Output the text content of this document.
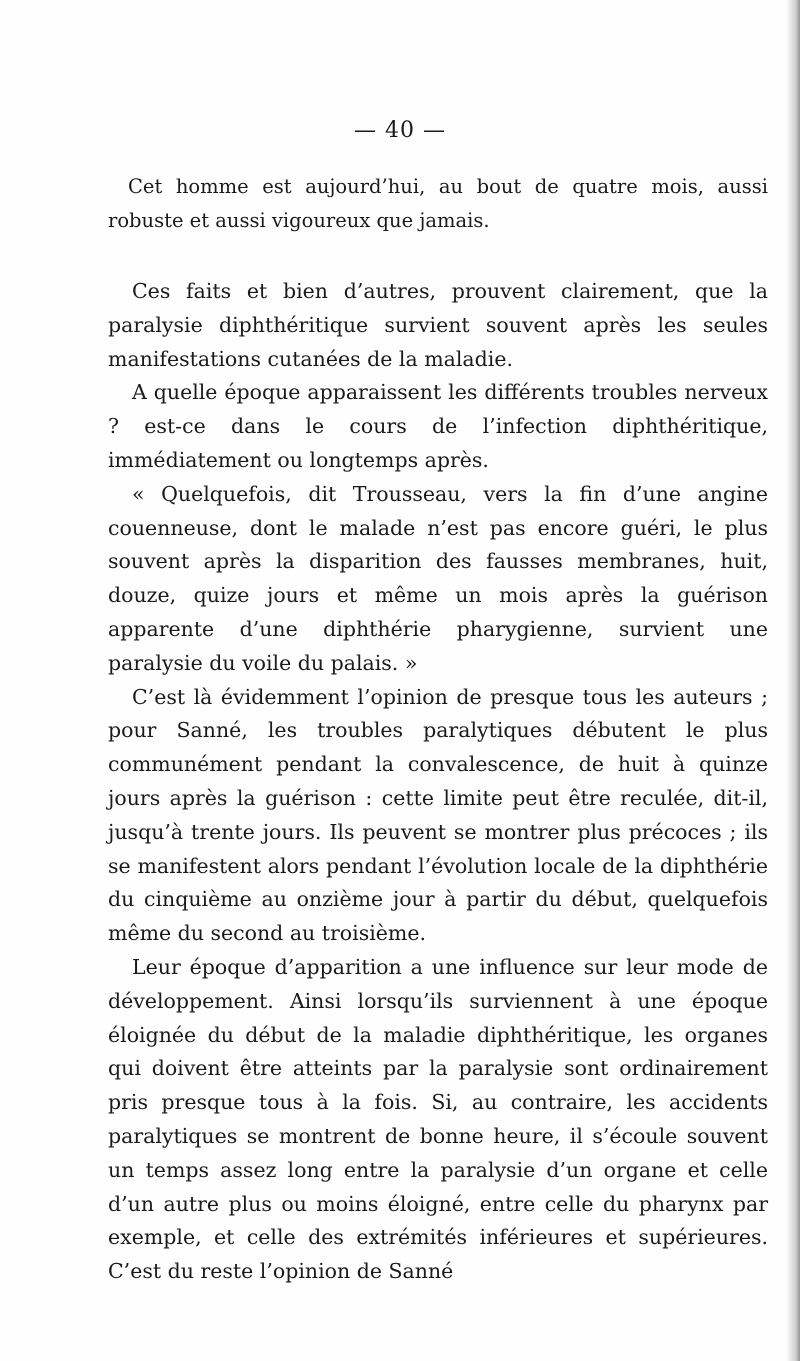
— 40 —

Cet homme est aujourd’hui, au bout de quatre mois, aussi robuste et aussi vigoureux que jamais.

Ces faits et bien d’autres, prouvent clairement, que la paralysie diphthéritique survient souvent après les seules manifestations cutanées de la maladie.

A quelle époque apparaissent les différents troubles nerveux ? est-ce dans le cours de l’infection diphthéritique, immédiatement ou longtemps après.

« Quelquefois, dit Trousseau, vers la fin d’une angine couenneuse, dont le malade n’est pas encore guéri, le plus souvent après la disparition des fausses membranes, huit, douze, quize jours et même un mois après la guérison apparente d’une diphthérie pharygienne, survient une paralysie du voile du palais. »

C’est là évidemment l’opinion de presque tous les auteurs ; pour Sanné, les troubles paralytiques débutent le plus communément pendant la convalescence, de huit à quinze jours après la guérison : cette limite peut être reculée, dit-il, jusqu’à trente jours. Ils peuvent se montrer plus précoces ; ils se manifestent alors pendant l’évolution locale de la diphthérie du cinquième au onzième jour à partir du début, quelquefois même du second au troisième.

Leur époque d’apparition a une influence sur leur mode de développement. Ainsi lorsqu’ils surviennent à une époque éloignée du début de la maladie diphthéritique, les organes qui doivent être atteints par la paralysie sont ordinairement pris presque tous à la fois. Si, au contraire, les accidents paralytiques se montrent de bonne heure, il s’écoule souvent un temps assez long entre la paralysie d’un organe et celle d’un autre plus ou moins éloigné, entre celle du pharynx par exemple, et celle des extrémités inférieures et supérieures. C’est du reste l’opinion de Sanné
